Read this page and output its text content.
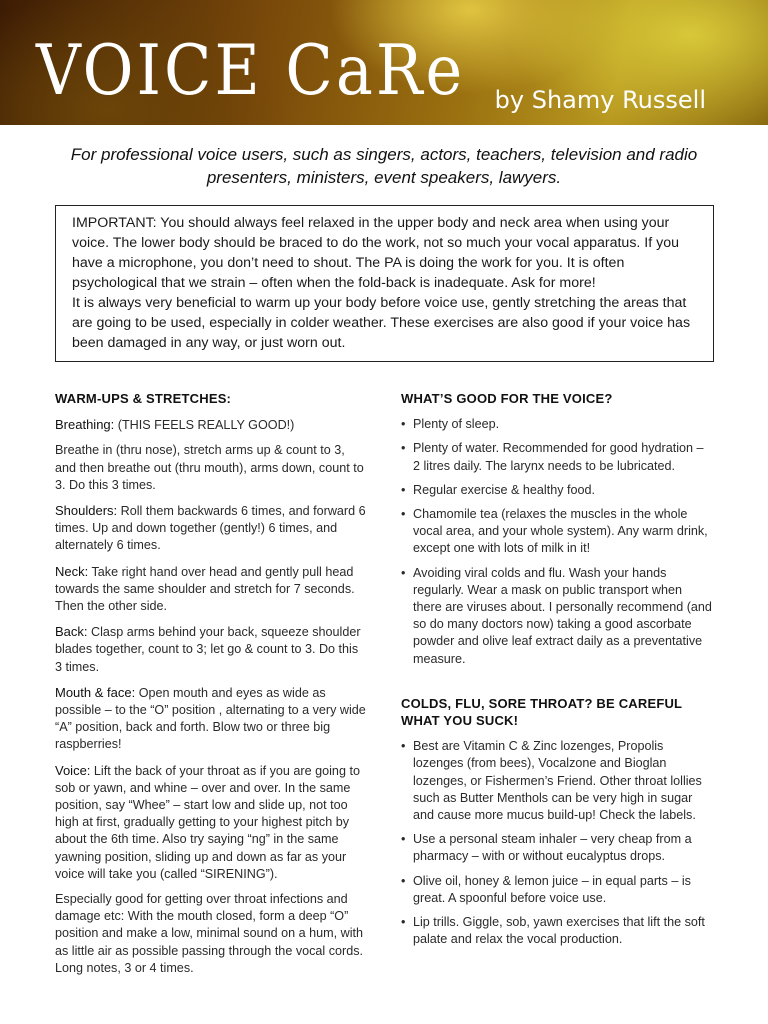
VOICE CaRe by Shamy Russell
For professional voice users, such as singers, actors, teachers, television and radio presenters, ministers, event speakers, lawyers.

IMPORTANT: You should always feel relaxed in the upper body and neck area when using your voice. The lower body should be braced to do the work, not so much your vocal apparatus. If you have a microphone, you don’t need to shout. The PA is doing the work for you. It is often psychological that we strain – often when the fold-back is inadequate. Ask for more!

It is always very beneficial to warm up your body before voice use, gently stretching the areas that are going to be used, especially in colder weather. These exercises are also good if your voice has been damaged in any way, or just worn out.

WARM-UPS & STRETCHES:
Breathing: (THIS FEELS REALLY GOOD!)
Breathe in (thru nose), stretch arms up & count to 3, and then breathe out (thru mouth), arms down, count to 3. Do this 3 times.
Shoulders: Roll them backwards 6 times, and forward 6 times. Up and down together (gently!) 6 times, and alternately 6 times.
Neck: Take right hand over head and gently pull head towards the same shoulder and stretch for 7 seconds. Then the other side.
Back: Clasp arms behind your back, squeeze shoulder blades together, count to 3; let go & count to 3. Do this 3 times.
Mouth & face: Open mouth and eyes as wide as possible – to the “O” position , alternating to a very wide “A” position, back and forth. Blow two or three big raspberries!
Voice: Lift the back of your throat as if you are going to sob or yawn, and whine – over and over. In the same position, say “Whee” – start low and slide up, not too high at first, gradually getting to your highest pitch by about the 6th time. Also try saying “ng” in the same yawning position, sliding up and down as far as your voice will take you (called “SIRENING”).
Especially good for getting over throat infections and damage etc: With the mouth closed, form a deep “O” position and make a low, minimal sound on a hum, with as little air as possible passing through the vocal cords. Long notes, 3 or 4 times.
WHAT’S GOOD FOR THE VOICE?
• Plenty of sleep.
• Plenty of water. Recommended for good hydration – 2 litres daily. The larynx needs to be lubricated.
• Regular exercise & healthy food.
• Chamomile tea (relaxes the muscles in the whole vocal area, and your whole system). Any warm drink, except one with lots of milk in it!
• Avoiding viral colds and flu. Wash your hands regularly. Wear a mask on public transport when there are viruses about. I personally recommend (and so do many doctors now) taking a good ascorbate powder and olive leaf extract daily as a preventative measure.
COLDS, FLU, SORE THROAT? BE CAREFUL WHAT YOU SUCK!
• Best are Vitamin C & Zinc lozenges, Propolis lozenges (from bees), Vocalzone and Bioglan lozenges, or Fishermen’s Friend. Other throat lollies such as Butter Menthols can be very high in sugar and cause more mucus build-up! Check the labels.
• Use a personal steam inhaler – very cheap from a pharmacy – with or without eucalyptus drops.
• Olive oil, honey & lemon juice – in equal parts – is great. A spoonful before voice use.
• Lip trills. Giggle, sob, yawn exercises that lift the soft palate and relax the vocal production.
